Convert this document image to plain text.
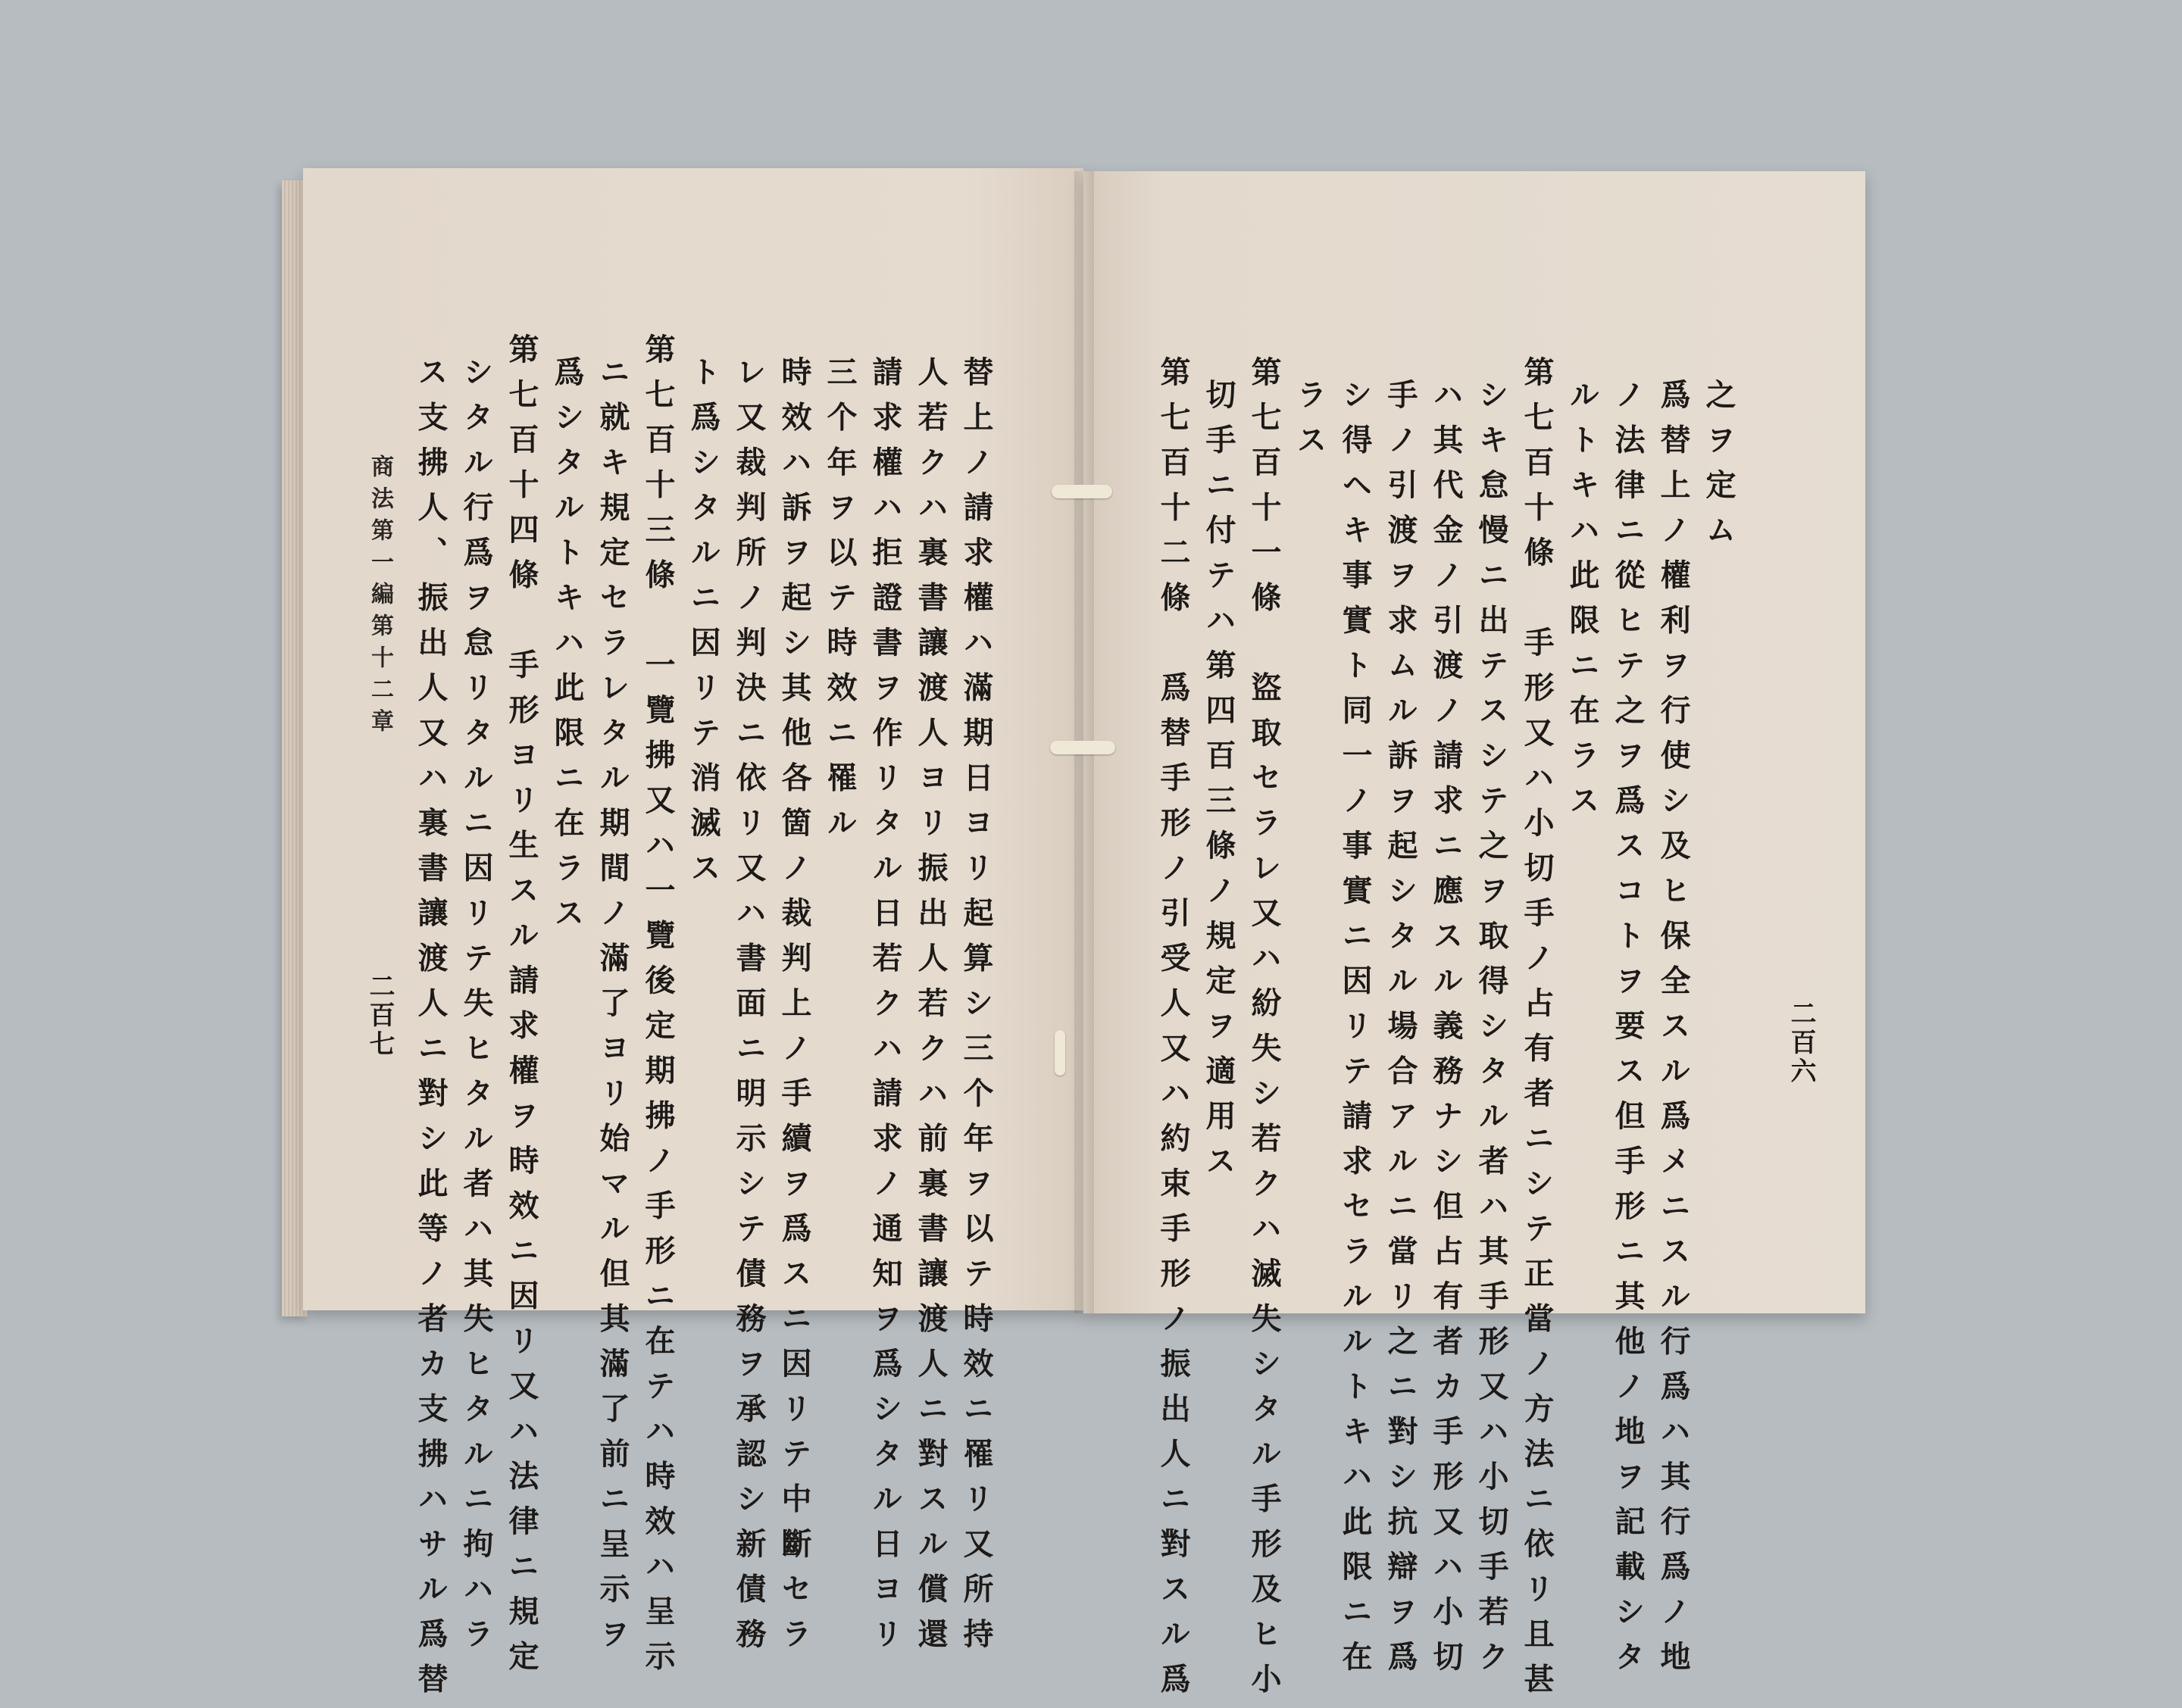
替上ノ請求權ハ滿期日ヨリ起算シ三个年ヲ以テ時效ニ罹リ又所持
人若クハ裏書讓渡人ヨリ振出人若クハ前裏書讓渡人ニ對スル償還
請求權ハ拒證書ヲ作リタル日若クハ請求ノ通知ヲ爲シタル日ヨリ
三个年ヲ以テ時效ニ罹ル
時效ハ訴ヲ起シ其他各箇ノ裁判上ノ手續ヲ爲スニ因リテ中斷セラ
レ又裁判所ノ判決ニ依リ又ハ書面ニ明示シテ債務ヲ承認シ新債務
ト爲シタルニ因リテ消滅ス
第七百十三條　一覽拂又ハ一覽後定期拂ノ手形ニ在テハ時效ハ呈示
ニ就キ規定セラレタル期間ノ滿了ヨリ始マル但其滿了前ニ呈示ヲ
爲シタルトキハ此限ニ在ラス
第七百十四條　手形ヨリ生スル請求權ヲ時效ニ因リ又ハ法律ニ規定
シタル行爲ヲ怠リタルニ因リテ失ヒタル者ハ其失ヒタルニ拘ハラ
ス支拂人、振出人又ハ裏書讓渡人ニ對シ此等ノ者カ支拂ハサル爲替
商法第一編第十二章
二百七	二百六
之ヲ定ム
爲替上ノ權利ヲ行使シ及ヒ保全スル爲メニスル行爲ハ其行爲ノ地
ノ法律ニ從ヒテ之ヲ爲スコトヲ要ス但手形ニ其他ノ地ヲ記載シタ
ルトキハ此限ニ在ラス
第七百十條　手形又ハ小切手ノ占有者ニシテ正當ノ方法ニ依リ且甚
シキ怠慢ニ出テスシテ之ヲ取得シタル者ハ其手形又ハ小切手若ク
ハ其代金ノ引渡ノ請求ニ應スル義務ナシ但占有者カ手形又ハ小切
手ノ引渡ヲ求ムル訴ヲ起シタル場合アルニ當リ之ニ對シ抗辯ヲ爲
シ得ヘキ事實ト同一ノ事實ニ因リテ請求セラルルトキハ此限ニ在
ラス
第七百十一條　盜取セラレ又ハ紛失シ若クハ滅失シタル手形及ヒ小
切手ニ付テハ第四百三條ノ規定ヲ適用ス
第七百十二條　爲替手形ノ引受人又ハ約束手形ノ振出人ニ對スル爲
